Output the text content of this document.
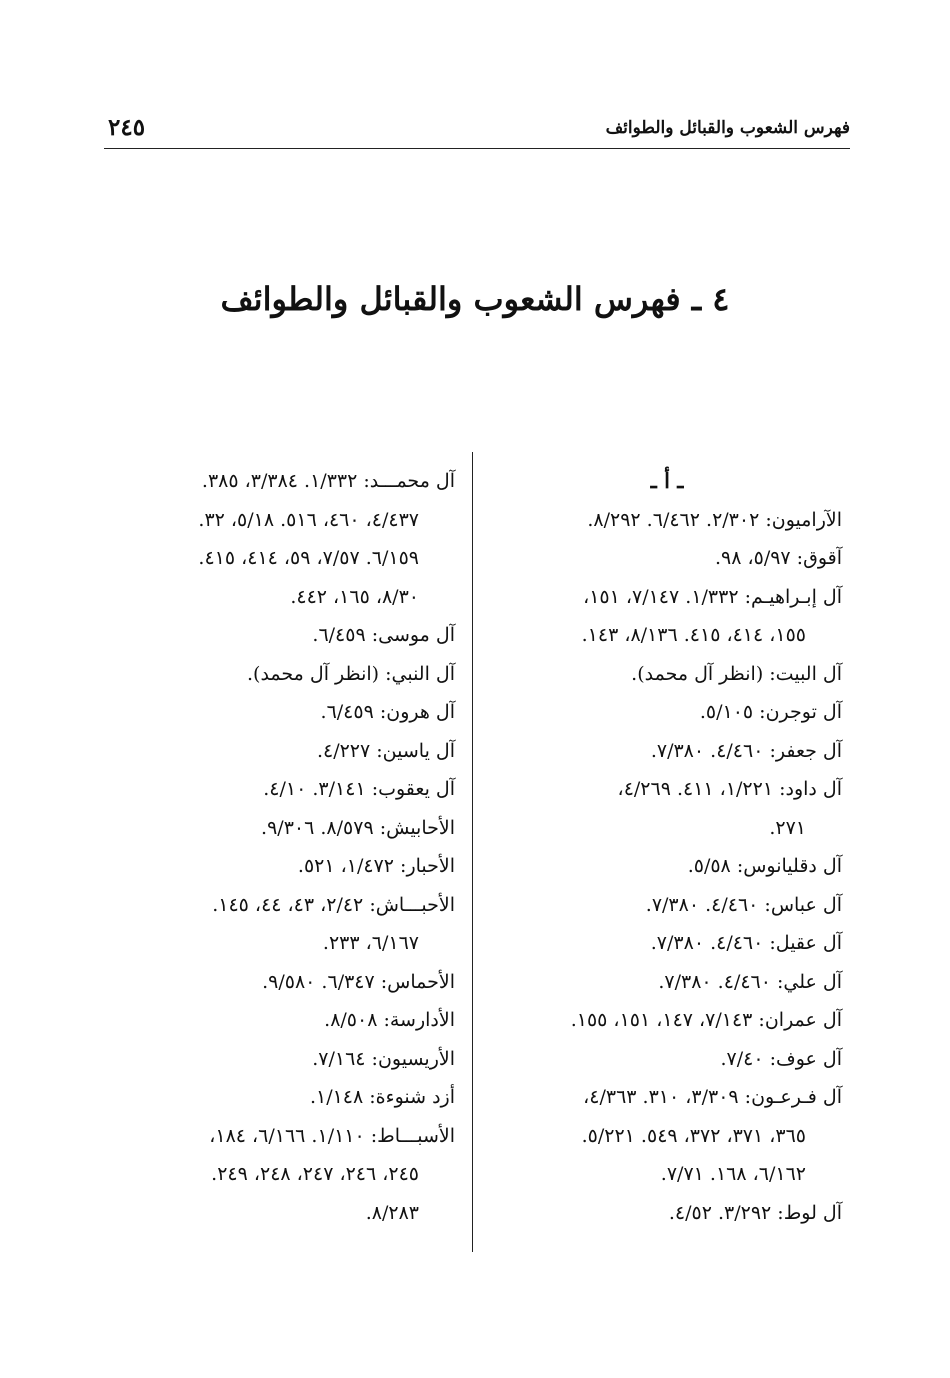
فهرس الشعوب والقبائل والطوائف
٢٤٥
٤ ـ فهرس الشعوب والقبائل والطوائف
ـ أ ـ
الآراميون: ٢/٣٠٢. ٦/٤٦٢. ٨/٢٩٢.
آقوق: ٥/٩٧، ٩٨.
آل إبـراهيـم: ١/٣٣٢. ٧/١٤٧، ١٥١،
١٥٥، ٤١٤، ٤١٥. ٨/١٣٦، ١٤٣.
آل البيت: (انظر آل محمد).
آل توجرن: ٥/١٠٥.
آل جعفر: ٤/٤٦٠. ٧/٣٨٠.
آل داود: ١/٢٢١، ٤١١. ٤/٢٦٩،
٢٧١.
آل دقليانوس: ٥/٥٨.
آل عباس: ٤/٤٦٠. ٧/٣٨٠.
آل عقيل: ٤/٤٦٠. ٧/٣٨٠.
آل علي: ٤/٤٦٠. ٧/٣٨٠.
آل عمران: ٧/١٤٣، ١٤٧، ١٥١، ١٥٥.
آل عوف: ٧/٤٠.
آل فـرعـون: ٣/٣٠٩، ٣١٠. ٤/٣٦٣،
٣٦٥، ٣٧١، ٣٧٢، ٥٤٩. ٥/٢٢١.
٦/١٦٢، ١٦٨. ٧/٧١.
آل لوط: ٣/٢٩٢. ٤/٥٢.
آل محمـــد: ١/٣٣٢. ٣/٣٨٤، ٣٨٥.
٤/٤٣٧، ٤٦٠، ٥١٦. ٥/١٨، ٣٢.
٦/١٥٩. ٧/٥٧، ٥٩، ٤١٤، ٤١٥.
٨/٣٠، ١٦٥، ٤٤٢.
آل موسى: ٦/٤٥٩.
آل النبي: (انظر آل محمد).
آل هرون: ٦/٤٥٩.
آل ياسين: ٤/٢٢٧.
آل يعقوب: ٣/١٤١. ٤/١٠.
الأحابيش: ٨/٥٧٩. ٩/٣٠٦.
الأحبار: ١/٤٧٢، ٥٢١.
الأحبـــاش: ٢/٤٢، ٤٣، ٤٤، ١٤٥.
٦/١٦٧، ٢٣٣.
الأحماس: ٦/٣٤٧. ٩/٥٨٠.
الأدارسة: ٨/٥٠٨.
الأريسيون: ٧/١٦٤.
أزد شنوءة: ١/١٤٨.
الأسبـــاط: ١/١١٠. ٦/١٦٦، ١٨٤،
٢٤٥، ٢٤٦، ٢٤٧، ٢٤٨، ٢٤٩.
٨/٢٨٣.
